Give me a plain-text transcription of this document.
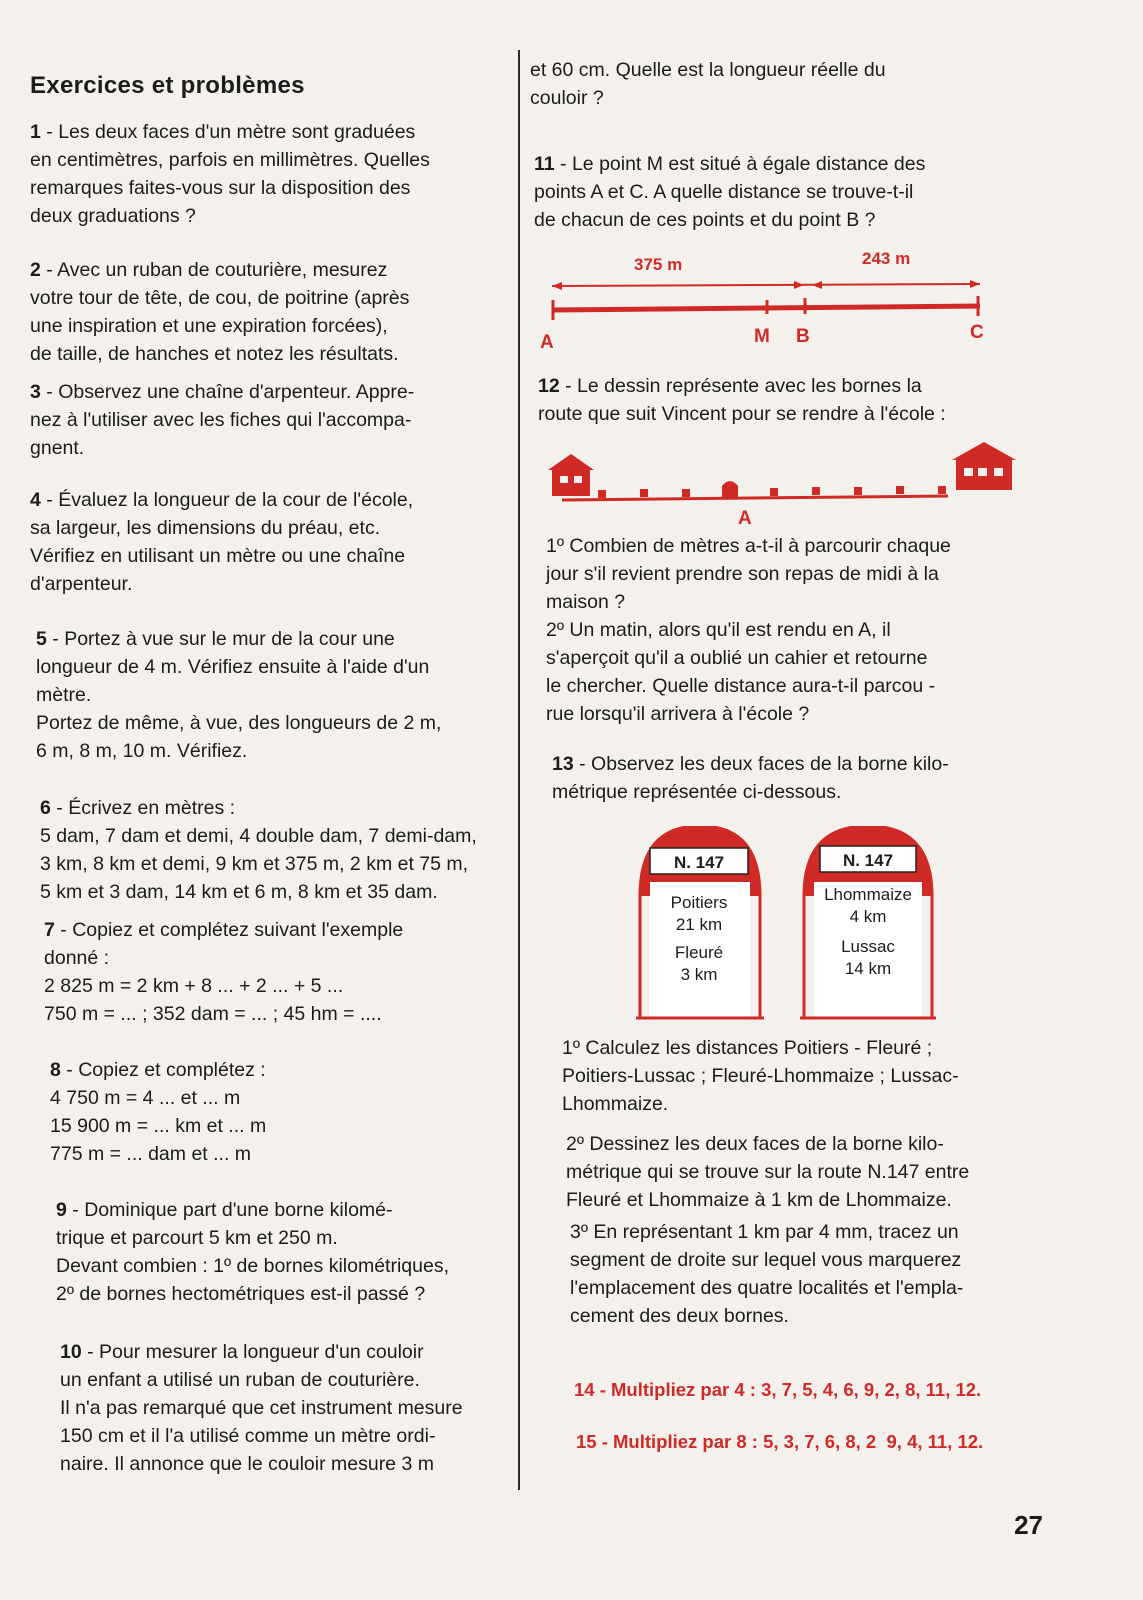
Exercices et problèmes
1 - Les deux faces d'un mètre sont graduées
en centimètres, parfois en millimètres. Quelles
remarques faites-vous sur la disposition des
deux graduations ?
2 - Avec un ruban de couturière, mesurez
votre tour de tête, de cou, de poitrine (après
une inspiration et une expiration forcées),
de taille, de hanches et notez les résultats.
3 - Observez une chaîne d'arpenteur. Appre-
nez à l'utiliser avec les fiches qui l'accompa-
gnent.
4 - Évaluez la longueur de la cour de l'école,
sa largeur, les dimensions du préau, etc.
Vérifiez en utilisant un mètre ou une chaîne
d'arpenteur.
5 - Portez à vue sur le mur de la cour une
longueur de 4 m. Vérifiez ensuite à l'aide d'un
mètre.
Portez de même, à vue, des longueurs de 2 m,
6 m, 8 m, 10 m. Vérifiez.
6 - Écrivez en mètres :
5 dam, 7 dam et demi, 4 double dam, 7 demi-dam,
3 km, 8 km et demi, 9 km et 375 m, 2 km et 75 m,
5 km et 3 dam, 14 km et 6 m, 8 km et 35 dam.
7 - Copiez et complétez suivant l'exemple
donné :
2 825 m = 2 km + 8 ... + 2 ... + 5 ...
750 m = ... ; 352 dam = ... ; 45 hm = ....
8 - Copiez et complétez :
4 750 m = 4 ... et ... m
15 900 m = ... km et ... m
775 m = ... dam et ... m
9 - Dominique part d'une borne kilomé-
trique et parcourt 5 km et 250 m.
Devant combien : 1º de bornes kilométriques,
2º de bornes hectométriques est-il passé ?
10 - Pour mesurer la longueur d'un couloir
un enfant a utilisé un ruban de couturière.
Il n'a pas remarqué que cet instrument mesure
150 cm et il l'a utilisé comme un mètre ordi-
naire. Il annonce que le couloir mesure 3 m
et 60 cm. Quelle est la longueur réelle du
couloir ?
11 - Le point M est situé à égale distance des
points A et C. A quelle distance se trouve-t-il
de chacun de ces points et du point B ?
375 m	243 m
A	M B	C
12 - Le dessin représente avec les bornes la
route que suit Vincent pour se rendre à l'école :
A
1º Combien de mètres a-t-il à parcourir chaque
jour s'il revient prendre son repas de midi à la
maison ?
2º Un matin, alors qu'il est rendu en A, il
s'aperçoit qu'il a oublié un cahier et retourne
le chercher. Quelle distance aura-t-il parcou -
rue lorsqu'il arrivera à l'école ?
13 - Observez les deux faces de la borne kilo-
métrique représentée ci-dessous.
N. 147
Poitiers
21 km
Fleuré
3 km
N. 147
Lhommaize
4 km
Lussac
14 km
1º Calculez les distances Poitiers - Fleuré ;
Poitiers-Lussac ; Fleuré-Lhommaize ; Lussac-
Lhommaize.
2º Dessinez les deux faces de la borne kilo-
métrique qui se trouve sur la route N.147 entre
Fleuré et Lhommaize à 1 km de Lhommaize.
3º En représentant 1 km par 4 mm, tracez un
segment de droite sur lequel vous marquerez
l'emplacement des quatre localités et l'empla-
cement des deux bornes.
14 - Multipliez par 4 : 3, 7, 5, 4, 6, 9, 2, 8, 11, 12.
15 - Multipliez par 8 : 5, 3, 7, 6, 8, 2  9, 4, 11, 12.
27
